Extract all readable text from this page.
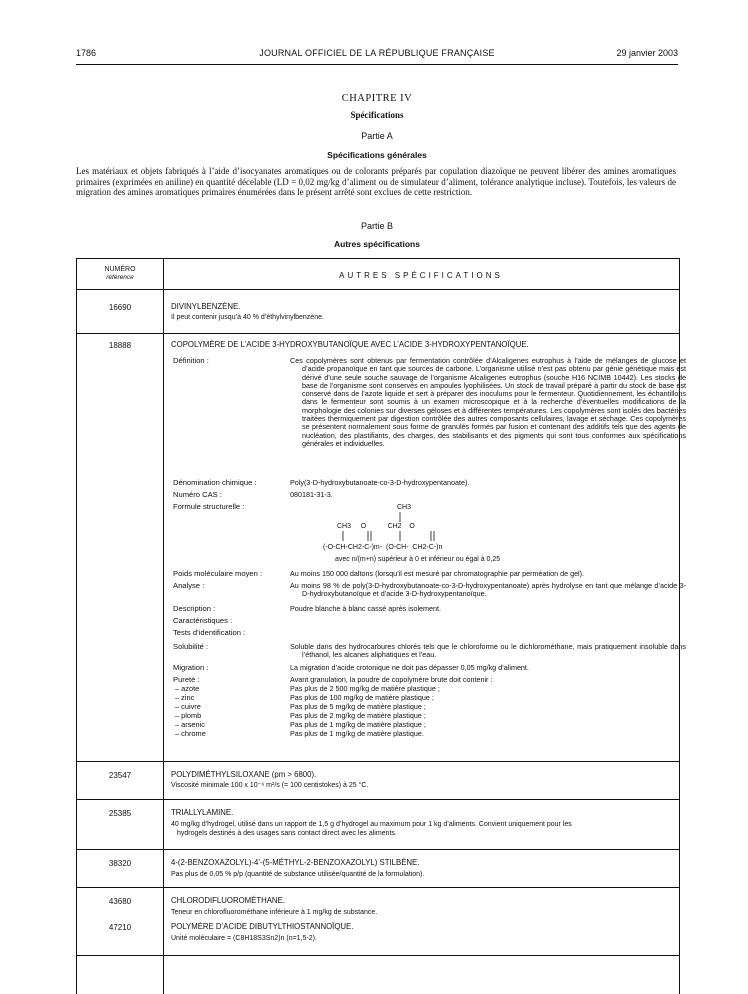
1786	JOURNAL OFFICIEL DE LA RÉPUBLIQUE FRANÇAISE	29 janvier 2003
CHAPITRE IV
Spécifications
Partie A
Spécifications générales
Les matériaux et objets fabriqués à l’aide d’isocyanates aromatiques ou de colorants préparés par copulation diazoïque ne peuvent libérer des amines aromatiques primaires (exprimées en aniline) en quantité décelable (LD = 0,02 mg/kg d’aliment ou de simulateur d’aliment, tolérance analytique incluse). Toutefois, les valeurs de migration des amines aromatiques primaires énumérées dans le présent arrêté sont exclues de cette restriction.
Partie B
Autres spécifications
NUMÉRO
référence	AUTRES SPÉCIFICATIONS
16690	DIVINYLBENZÈNE.
Il peut contenir jusqu’à 40 % d’éthylvinylbenzène.
18888	COPOLYMÈRE DE L’ACIDE 3-HYDROXYBUTANOÏQUE AVEC L’ACIDE 3-HYDROXYPENTANOÏQUE.
Définition :	Ces copolymères sont obtenus par fermentation contrôlée d’Alcaligenes eutrophus à l’aide de mélanges de glucose et d’acide propanoïque en tant que sources de carbone. L’organisme utilisé n’est pas obtenu par génie génétique mais est dérivé d’une seule souche sauvage de l’organisme Alcaligenes eutrophus (souche H16 NCIMB 10442). Les stocks de base de l’organisme sont conservés en ampoules lyophilisées. Un stock de travail préparé à partir du stock de base est conservé dans de l’azote liquide et sert à préparer des inoculums pour le fermenteur. Quotidiennement, les échantillons dans le fermenteur sont soumis à un examen microscopique et à la recherche d’éventuelles modifications de la morphologie des colonies sur diverses géloses et à différentes températures. Les copolymères sont isolés des bactéries traitées thermiquement par digestion contrôlée des autres composants cellulaires, lavage et séchage. Ces copolymères se présentent normalement sous forme de granulés formés par fusion et contenant des additifs tels que des agents de nucléation, des plastifiants, des charges, des stabilisants et des pigments qui sont tous conformes aux spécifications générales et individuelles.
Dénomination chimique :	Poly(3-D-hydroxybutanoate-co-3-D-hydroxypentanoate).
Numéro CAS :	080181-31-3.
Formule structurelle :	CH3
CH3     O           CH2    O
(-O-CH-CH2-C-)m-  (O-CH-  CH2-C-)n
avec n/(m+n) supérieur à 0 et inférieur ou égal à 0,25
Poids moléculaire moyen :	Au moins 150 000 daltons (lorsqu’il est mesuré par chromatographie par perméation de gel).
Analyse :	Au moins 98 % de poly(3-D-hydroxybutanoate-co-3-D-hydroxypentanoate) après hydrolyse en tant que mélange d’acide 3-D-hydroxybutanoïque et d’acide 3-D-hydroxypentanoïque.
Description :	Poudre blanche à blanc cassé après isolement.
Caractéristiques :
Tests d’identification :
Solubilité :	Soluble dans des hydrocarbures chlorés tels que le chloroforme ou le dichlorométhane, mais pratiquement insoluble dans l’éthanol, les alcanes aliphatiques et l’eau.
Migration :	La migration d’acide crotonique ne doit pas dépasser 0,05 mg/kg d’aliment.
Pureté :	Avant granulation, la poudre de copolymère brute doit contenir :
– azote	Pas plus de 2 500 mg/kg de matière plastique ;
– zinc	Pas plus de 100 mg/kg de matière plastique ;
– cuivre	Pas plus de 5 mg/kg de matière plastique ;
– plomb	Pas plus de 2 mg/kg de matière plastique ;
– arsenic	Pas plus de 1 mg/kg de matière plastique ;
– chrome	Pas plus de 1 mg/kg de matière plastique.
23547	POLYDIMÉTHYLSILOXANE (pm > 6800).
Viscosité minimale 100 x 10⁻⁶ m²/s (= 100 centistokes) à 25 °C.
25385	TRIALLYLAMINE.
40 mg/kg d’hydrogel, utilisé dans un rapport de 1,5 g d’hydrogel au maximum pour 1 kg d’aliments. Convient uniquement pour les
hydrogels destinés à des usages sans contact direct avec les aliments.
38320	4-(2-BENZOXAZOLYL)-4’-(5-MÉTHYL-2-BENZOXAZOLYL) STILBÈNE.
Pas plus de 0,05 % p/p (quantité de substance utilisée/quantité de la formulation).
43680	CHLORODIFLUOROMÉTHANE.
Teneur en chlorofluorométhane inférieure à 1 mg/kg de substance.
47210	POLYMÈRE D’ACIDE DIBUTYLTHIOSTANNOÏQUE.
Unité moléculaire = (C8H18S3Sn2)n (n=1,5-2).
